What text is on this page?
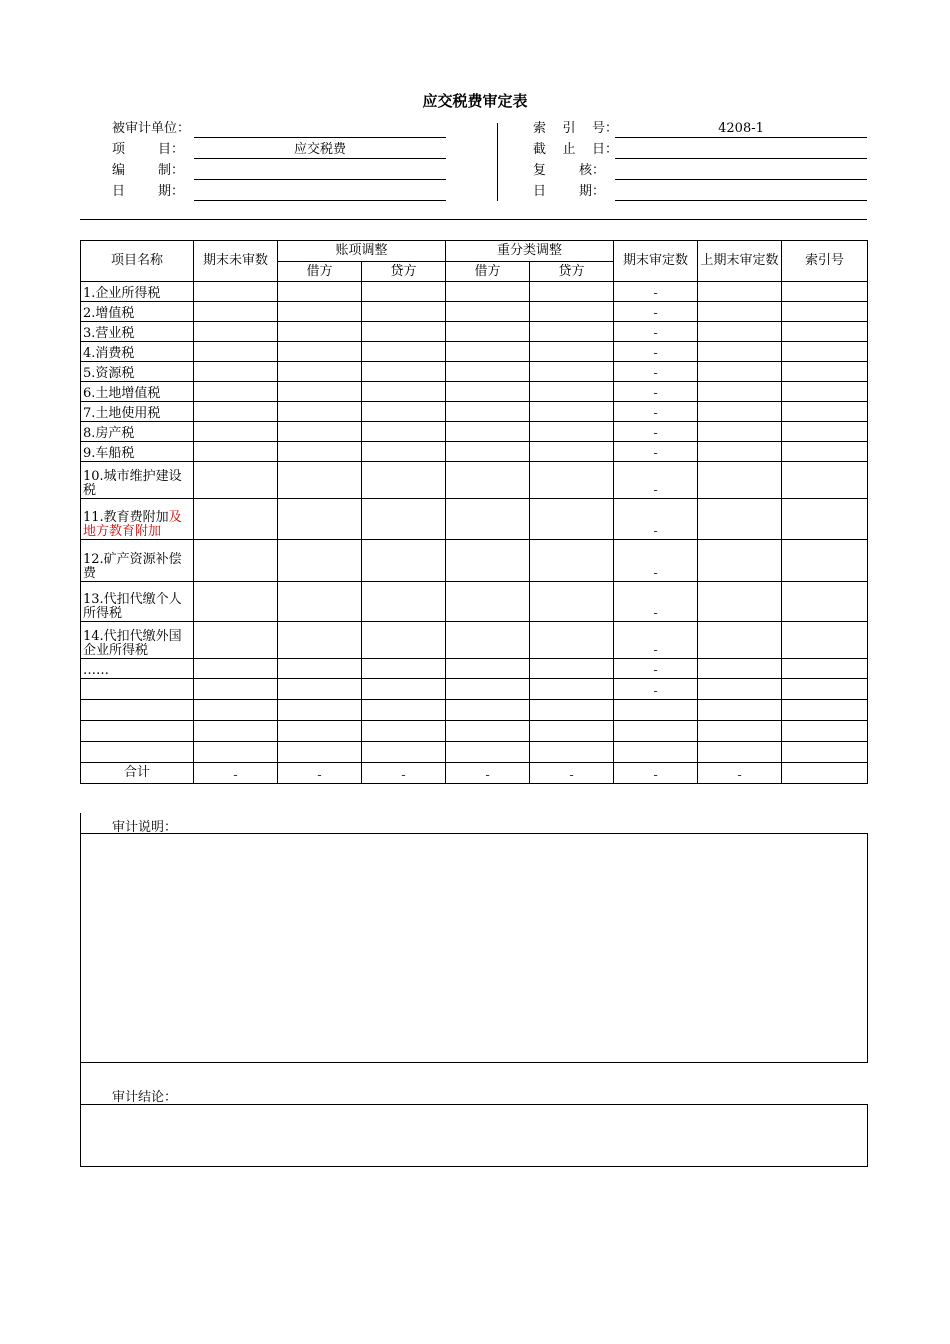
应交税费审定表
被审计单位：
项        目：	应交税费
编        制：
日        期：
索    引    号：	4208-1
截    止    日：
复        核：
日        期：
项目名称	期末未审数	账项调整		重分类调整		期末审定数	上期末审定数	索引号
		借方	贷方	借方	贷方			
1.企业所得税						-		
2.增值税						-		
3.营业税						-		
4.消费税						-		
5.资源税						-		
6.土地增值税						-		
7.土地使用税						-		
8.房产税						-		
9.车船税						-		
10.城市维护建设税						-		
11.教育费附加及地方教育附加						-		
12.矿产资源补偿费						-		
13.代扣代缴个人所得税						-		
14.代扣代缴外国企业所得税						-		
……						-		
						-		

合计	-	-	-	-	-	-	-	
审计说明：
审计结论：
